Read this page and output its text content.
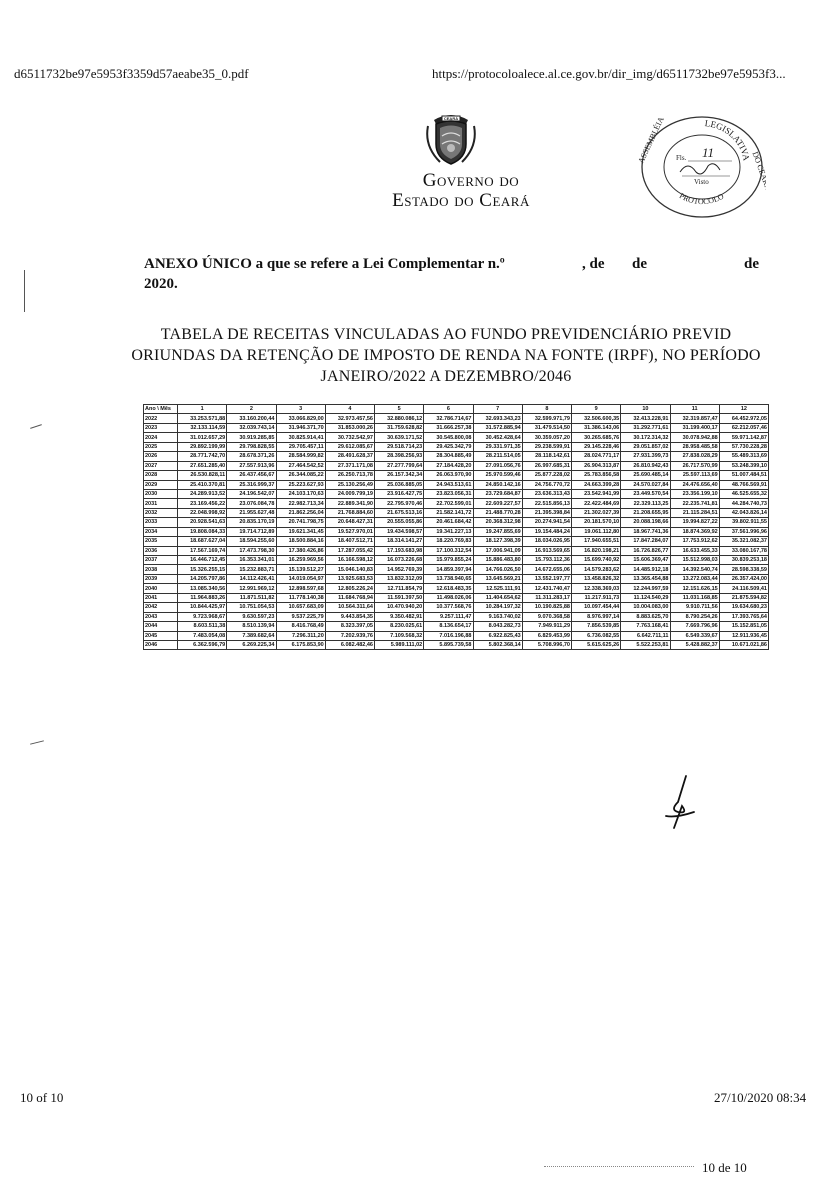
d6511732be97e5953f3359d57aeabe35_0.pdf	https://protocoloalece.al.ce.gov.br/dir_img/d6511732be97e5953f3...
CEARÁ
Governo do
Estado do Ceará
LEGISLATIVA
ASSEMBLÉIA	DO CEARÁ
PROTOCOLO
Fls. 11
Visto
ANEXO ÚNICO a que se refere a Lei Complementar n.º	, de de	de
2020.
TABELA DE RECEITAS VINCULADAS AO FUNDO PREVIDENCIÁRIO PREVID
ORIUNDAS DA RETENÇÃO DE IMPOSTO DE RENDA NA FONTE (IRPF), NO PERÍODO
JANEIRO/2022 A DEZEMBRO/2046
Ano \ Mês	1	2	3	4	5	6	7	8	9	10	11	12
2022	33.253.571,88	33.160.200,44	33.066.829,00	32.973.457,56	32.880.086,12	32.786.714,67	32.693.343,23	32.599.971,79	32.506.600,35	32.413.228,91	32.319.857,47	64.452.972,05
2023	32.133.114,59	32.039.743,14	31.946.371,70	31.853.000,26	31.759.628,82	31.666.257,38	31.572.885,94	31.479.514,50	31.386.143,06	31.292.771,61	31.199.400,17	62.212.057,46
2024	31.012.657,29	30.919.285,85	30.825.914,41	30.732.542,97	30.639.171,52	30.545.800,08	30.452.428,64	30.359.057,20	30.265.685,76	30.172.314,32	30.078.942,88	59.971.142,87
2025	29.892.199,99	29.798.828,55	29.705.457,11	29.612.085,67	29.518.714,23	29.425.342,79	29.331.971,35	29.238.599,91	29.145.228,46	29.051.857,02	28.958.485,58	57.730.228,28
2026	28.771.742,70	28.678.371,26	28.584.999,82	28.491.628,37	28.398.256,93	28.304.885,49	28.211.514,05	28.118.142,61	28.024.771,17	27.931.399,73	27.838.028,29	55.489.313,69
2027	27.651.285,40	27.557.913,96	27.464.542,52	27.371.171,08	27.277.799,64	27.184.428,20	27.091.056,76	26.997.685,31	26.904.313,87	26.810.942,43	26.717.570,99	53.248.399,10
2028	26.530.828,11	26.437.456,67	26.344.085,22	26.250.713,78	26.157.342,34	26.063.970,90	25.970.599,46	25.877.228,02	25.783.856,58	25.690.485,14	25.597.113,69	51.007.484,51
2029	25.410.370,81	25.316.999,37	25.223.627,93	25.130.256,49	25.036.885,05	24.943.513,61	24.850.142,16	24.756.770,72	24.663.399,28	24.570.027,84	24.476.656,40	48.766.569,91
2030	24.289.913,52	24.196.542,07	24.103.170,63	24.009.799,19	23.916.427,75	23.823.056,31	23.729.684,87	23.636.313,43	23.542.941,99	23.449.570,54	23.356.199,10	46.525.655,32
2031	23.169.456,22	23.076.084,78	22.982.713,34	22.889.341,90	22.795.970,46	22.702.599,01	22.609.227,57	22.515.856,13	22.422.484,69	22.329.113,25	22.235.741,81	44.284.740,73
2032	22.048.998,92	21.955.627,48	21.862.256,04	21.768.884,60	21.675.513,16	21.582.141,72	21.488.770,28	21.395.398,84	21.302.027,39	21.208.655,95	21.115.284,51	42.043.826,14
2033	20.928.541,63	20.835.170,19	20.741.798,75	20.648.427,31	20.555.055,86	20.461.684,42	20.368.312,98	20.274.941,54	20.181.570,10	20.088.198,66	19.994.827,22	39.802.911,55
2034	19.808.084,33	19.714.712,89	19.621.341,45	19.527.970,01	19.434.598,57	19.341.227,13	19.247.855,69	19.154.484,24	19.061.112,80	18.967.741,36	18.874.369,92	37.561.996,96
2035	18.687.627,04	18.594.255,60	18.500.884,16	18.407.512,71	18.314.141,27	18.220.769,83	18.127.398,39	18.034.026,95	17.940.655,51	17.847.284,07	17.753.912,62	35.321.082,37
2036	17.567.169,74	17.473.798,30	17.380.426,86	17.287.055,42	17.193.683,98	17.100.312,54	17.006.941,09	16.913.569,65	16.820.198,21	16.726.826,77	16.633.455,33	33.080.167,78
2037	16.446.712,45	16.353.341,01	16.259.969,56	16.166.598,12	16.073.226,68	15.979.855,24	15.886.483,80	15.793.112,36	15.699.740,92	15.606.369,47	15.512.998,03	30.839.253,18
2038	15.326.255,15	15.232.883,71	15.139.512,27	15.046.140,83	14.952.769,39	14.859.397,94	14.766.026,50	14.672.655,06	14.579.283,62	14.485.912,18	14.392.540,74	28.598.338,59
2039	14.205.797,86	14.112.426,41	14.019.054,97	13.925.683,53	13.832.312,09	13.738.940,65	13.645.569,21	13.552.197,77	13.458.826,32	13.365.454,88	13.272.083,44	26.357.424,00
2040	13.085.340,56	12.991.969,12	12.898.597,68	12.805.226,24	12.711.854,79	12.618.483,35	12.525.111,91	12.431.740,47	12.338.369,03	12.244.997,59	12.151.626,15	24.116.509,41
2041	11.964.883,26	11.871.511,82	11.778.140,38	11.684.768,94	11.591.397,50	11.498.026,06	11.404.654,62	11.311.283,17	11.217.911,73	11.124.540,29	11.031.168,85	21.875.594,82
2042	10.844.425,97	10.751.054,53	10.657.683,09	10.564.311,64	10.470.940,20	10.377.568,76	10.284.197,32	10.190.825,88	10.097.454,44	10.004.083,00	9.910.711,56	19.634.680,23
2043	9.723.968,67	9.630.597,23	9.537.225,79	9.443.854,35	9.350.482,91	9.257.111,47	9.163.740,02	9.070.368,58	8.976.997,14	8.883.625,70	8.790.254,26	17.393.765,64
2044	8.603.511,38	8.510.139,94	8.416.768,49	8.323.397,05	8.230.025,61	8.136.654,17	8.043.282,73	7.949.911,29	7.856.539,85	7.763.168,41	7.669.796,96	15.152.851,05
2045	7.483.054,08	7.389.682,64	7.296.311,20	7.202.939,76	7.109.568,32	7.016.196,88	6.922.825,43	6.829.453,99	6.736.082,55	6.642.711,11	6.549.339,67	12.911.936,45
2046	6.362.596,79	6.269.225,34	6.175.853,90	6.082.482,46	5.989.111,02	5.895.739,58	5.802.368,14	5.708.996,70	5.615.625,26	5.522.253,81	5.428.882,37	10.671.021,86
10 of 10	27/10/2020 08:34
10 de 10
